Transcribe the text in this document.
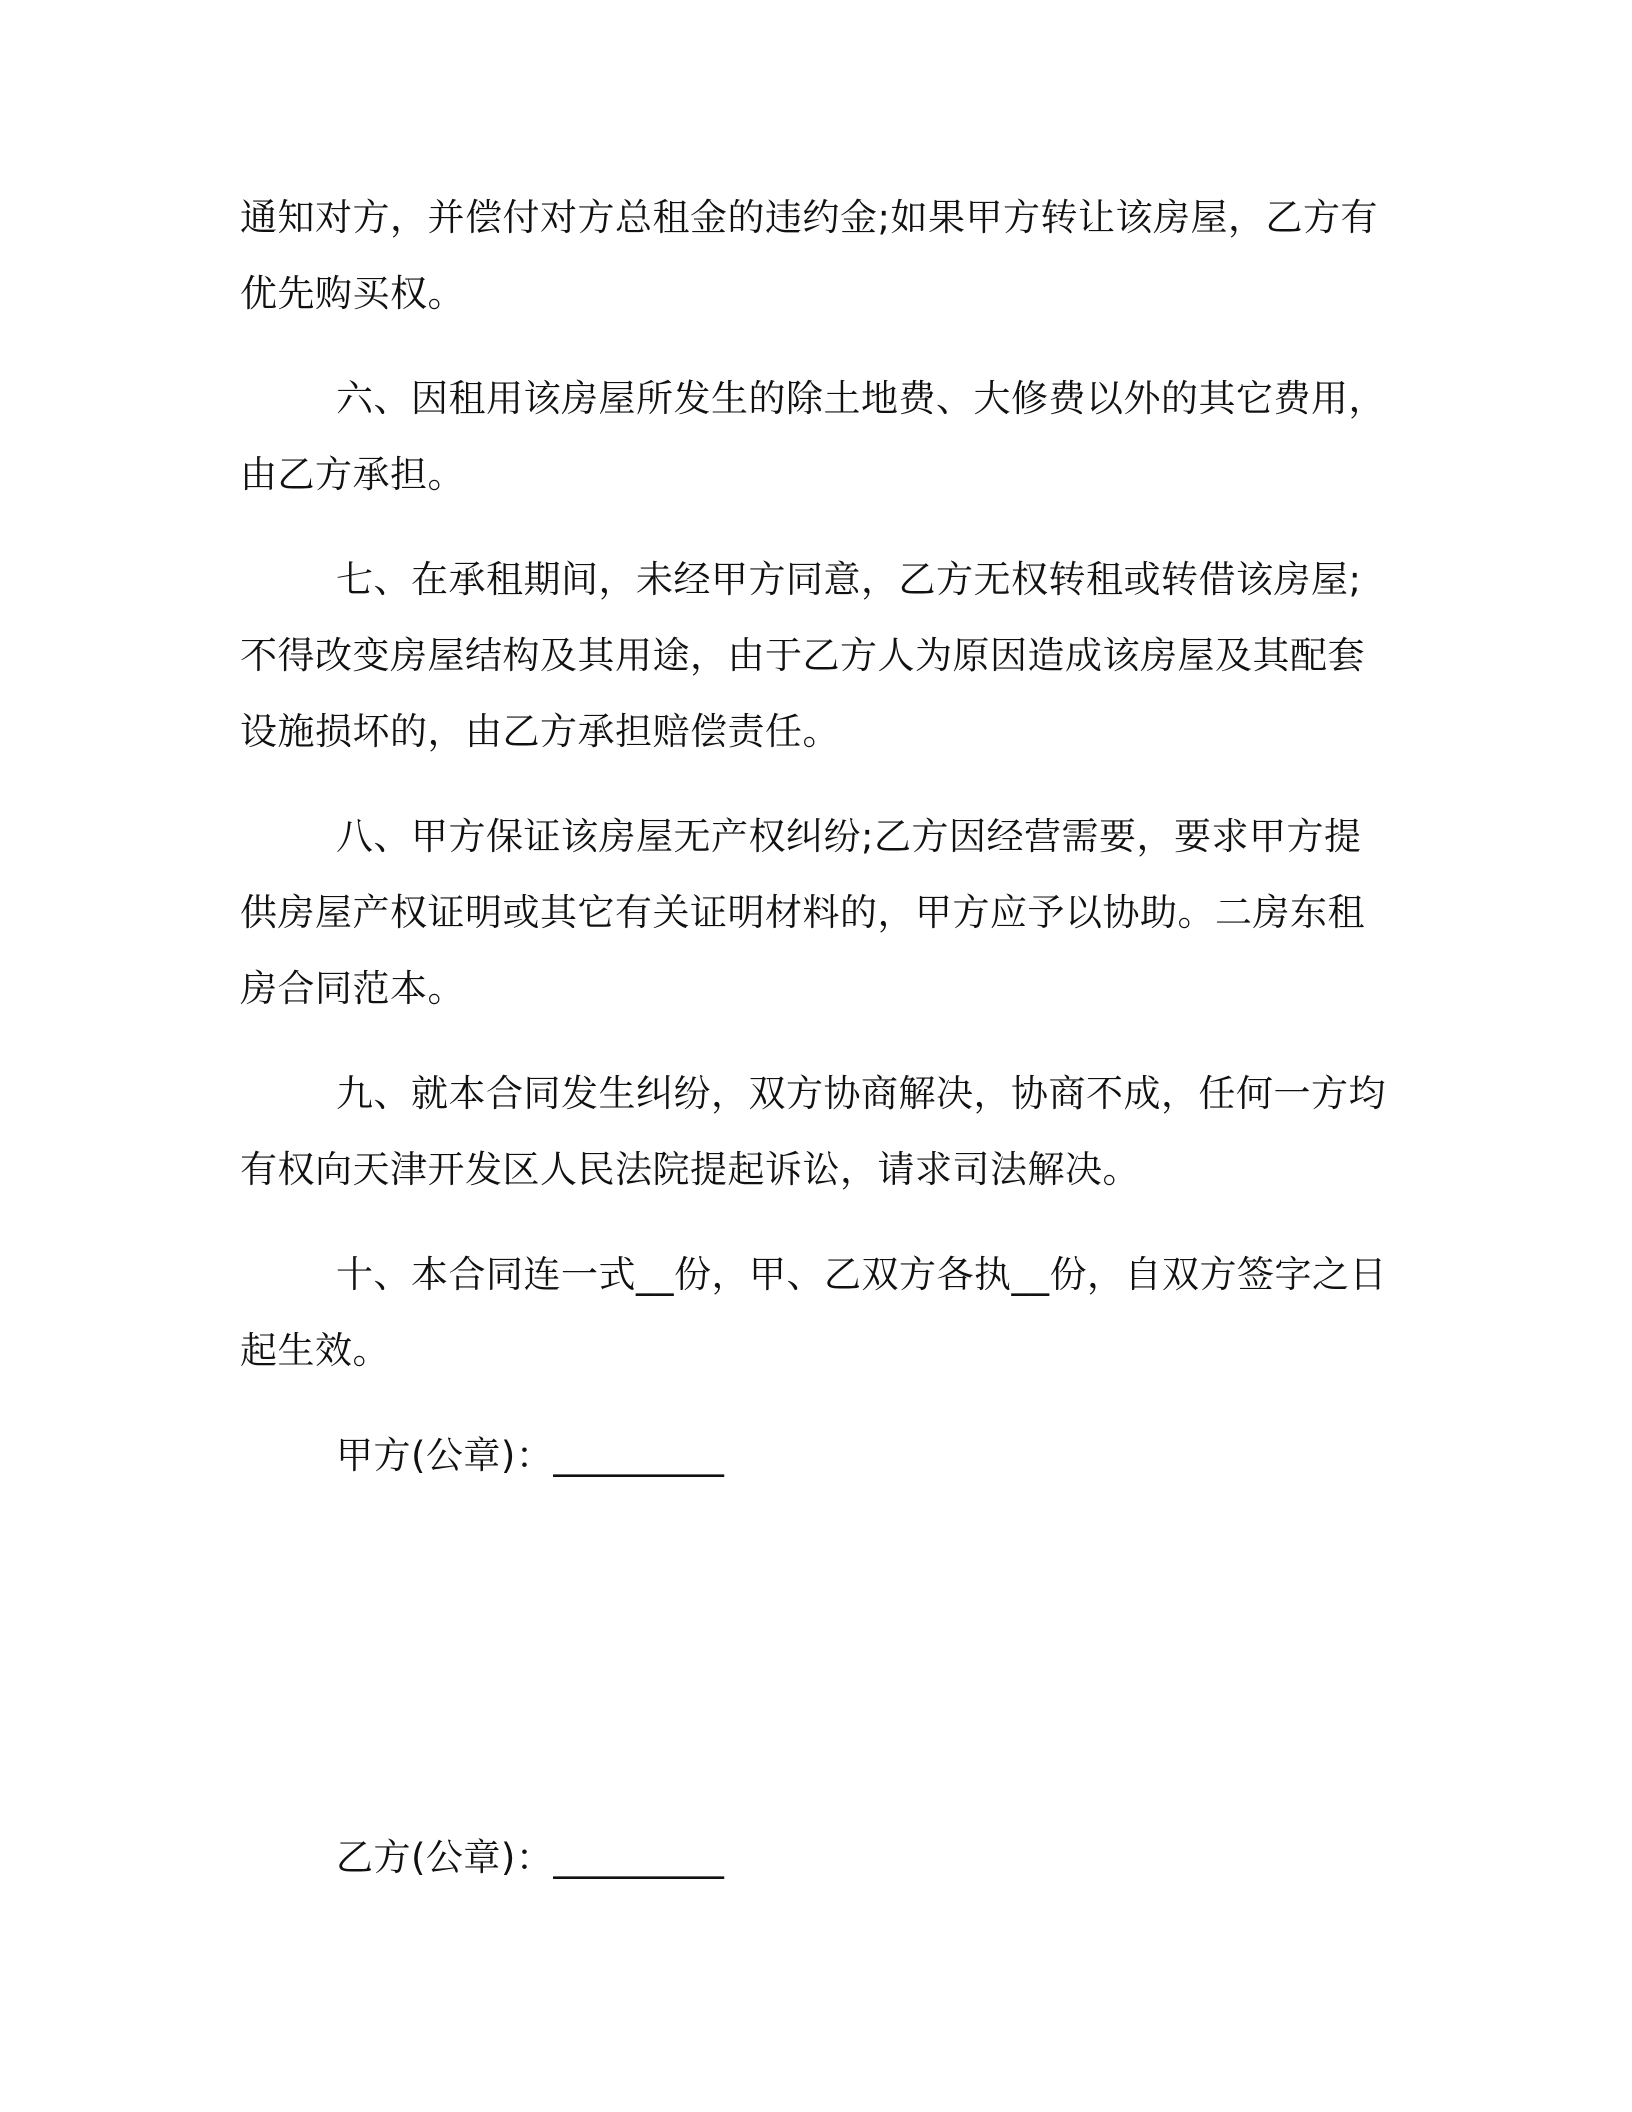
通知对方，并偿付对方总租金的违约金;如果甲方转让该房屋，乙方有
优先购买权。
六、因租用该房屋所发生的除土地费、大修费以外的其它费用，
由乙方承担。
七、在承租期间，未经甲方同意，乙方无权转租或转借该房屋;
不得改变房屋结构及其用途，由于乙方人为原因造成该房屋及其配套
设施损坏的，由乙方承担赔偿责任。
八、甲方保证该房屋无产权纠纷;乙方因经营需要，要求甲方提
供房屋产权证明或其它有关证明材料的，甲方应予以协助。二房东租
房合同范本。
九、就本合同发生纠纷，双方协商解决，协商不成，任何一方均
有权向天津开发区人民法院提起诉讼，请求司法解决。
十、本合同连一式__份，甲、乙双方各执__份，自双方签字之日
起生效。
甲方(公章)：_________
乙方(公章)：_________
